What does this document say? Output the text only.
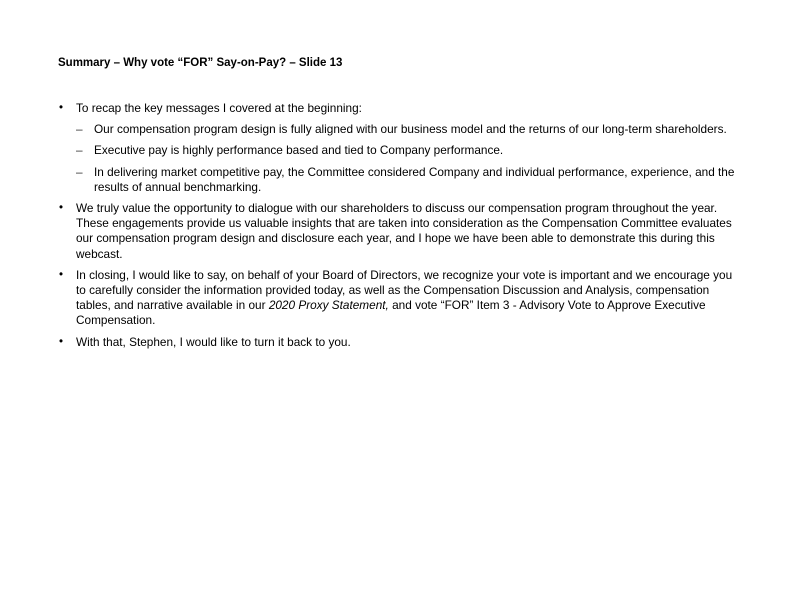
Summary – Why vote “FOR” Say-on-Pay? – Slide 13
•	To recap the key messages I covered at the beginning:
– Our compensation program design is fully aligned with our business model and the returns of our long-term shareholders.
– Executive pay is highly performance based and tied to Company performance.
– In delivering market competitive pay, the Committee considered Company and individual performance, experience, and the results of annual benchmarking.
•	We truly value the opportunity to dialogue with our shareholders to discuss our compensation program throughout the year. These engagements provide us valuable insights that are taken into consideration as the Compensation Committee evaluates our compensation program design and disclosure each year, and I hope we have been able to demonstrate this during this webcast.
•	In closing, I would like to say, on behalf of your Board of Directors, we recognize your vote is important and we encourage you to carefully consider the information provided today, as well as the Compensation Discussion and Analysis, compensation tables, and narrative available in our 2020 Proxy Statement, and vote “FOR” Item 3 - Advisory Vote to Approve Executive Compensation.
•	With that, Stephen, I would like to turn it back to you.
